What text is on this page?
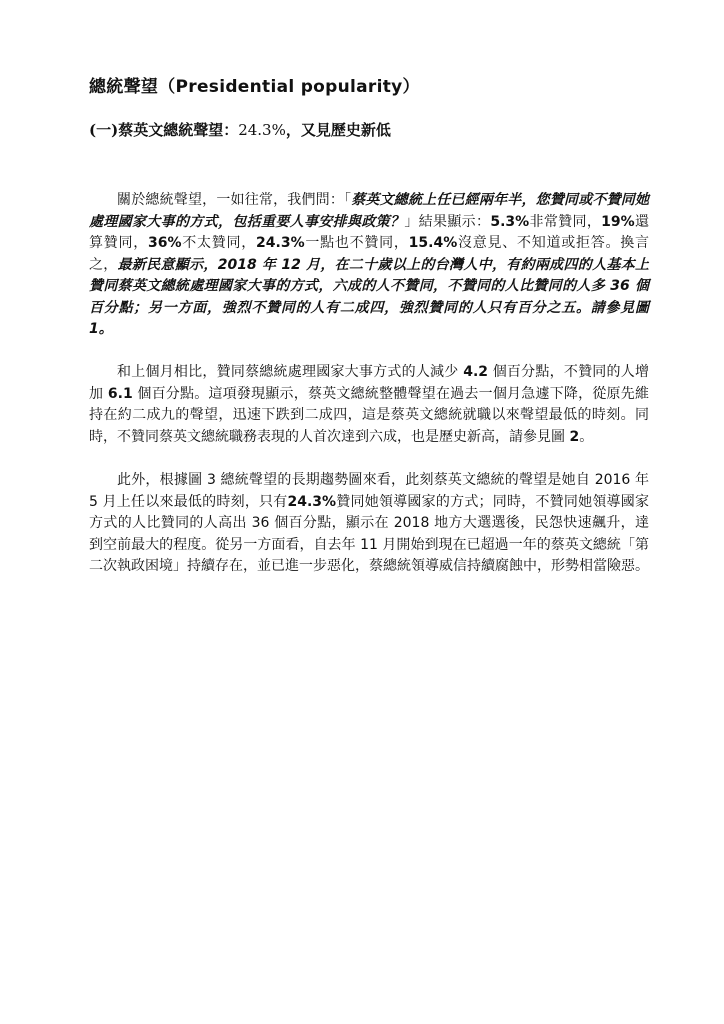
總統聲望（Presidential popularity）
(一)蔡英文總統聲望：24.3%，又見歷史新低

關於總統聲望，一如往常，我們問：「蔡英文總統上任已經兩年半，您贊同或不贊同她處理國家大事的方式，包括重要人事安排與政策？」結果顯示：5.3%非常贊同，19%還算贊同，36%不太贊同，24.3%一點也不贊同，15.4%沒意見、不知道或拒答。換言之，最新民意顯示，2018 年 12 月，在二十歲以上的台灣人中，有約兩成四的人基本上贊同蔡英文總統處理國家大事的方式，六成的人不贊同，不贊同的人比贊同的人多 36 個百分點；另一方面，強烈不贊同的人有二成四，強烈贊同的人只有百分之五。請參見圖 1。

和上個月相比，贊同蔡總統處理國家大事方式的人減少 4.2 個百分點，不贊同的人增加 6.1 個百分點。這項發現顯示，蔡英文總統整體聲望在過去一個月急遽下降，從原先維持在約二成九的聲望，迅速下跌到二成四，這是蔡英文總統就職以來聲望最低的時刻。同時，不贊同蔡英文總統職務表現的人首次達到六成，也是歷史新高，請參見圖 2。

此外，根據圖 3 總統聲望的長期趨勢圖來看，此刻蔡英文總統的聲望是她自 2016 年 5 月上任以來最低的時刻，只有24.3%贊同她領導國家的方式；同時，不贊同她領導國家方式的人比贊同的人高出 36 個百分點，顯示在 2018 地方大選選後，民怨快速飆升，達到空前最大的程度。從另一方面看，自去年 11 月開始到現在已超過一年的蔡英文總統「第二次執政困境」持續存在，並已進一步惡化，蔡總統領導威信持續腐蝕中，形勢相當險惡。
